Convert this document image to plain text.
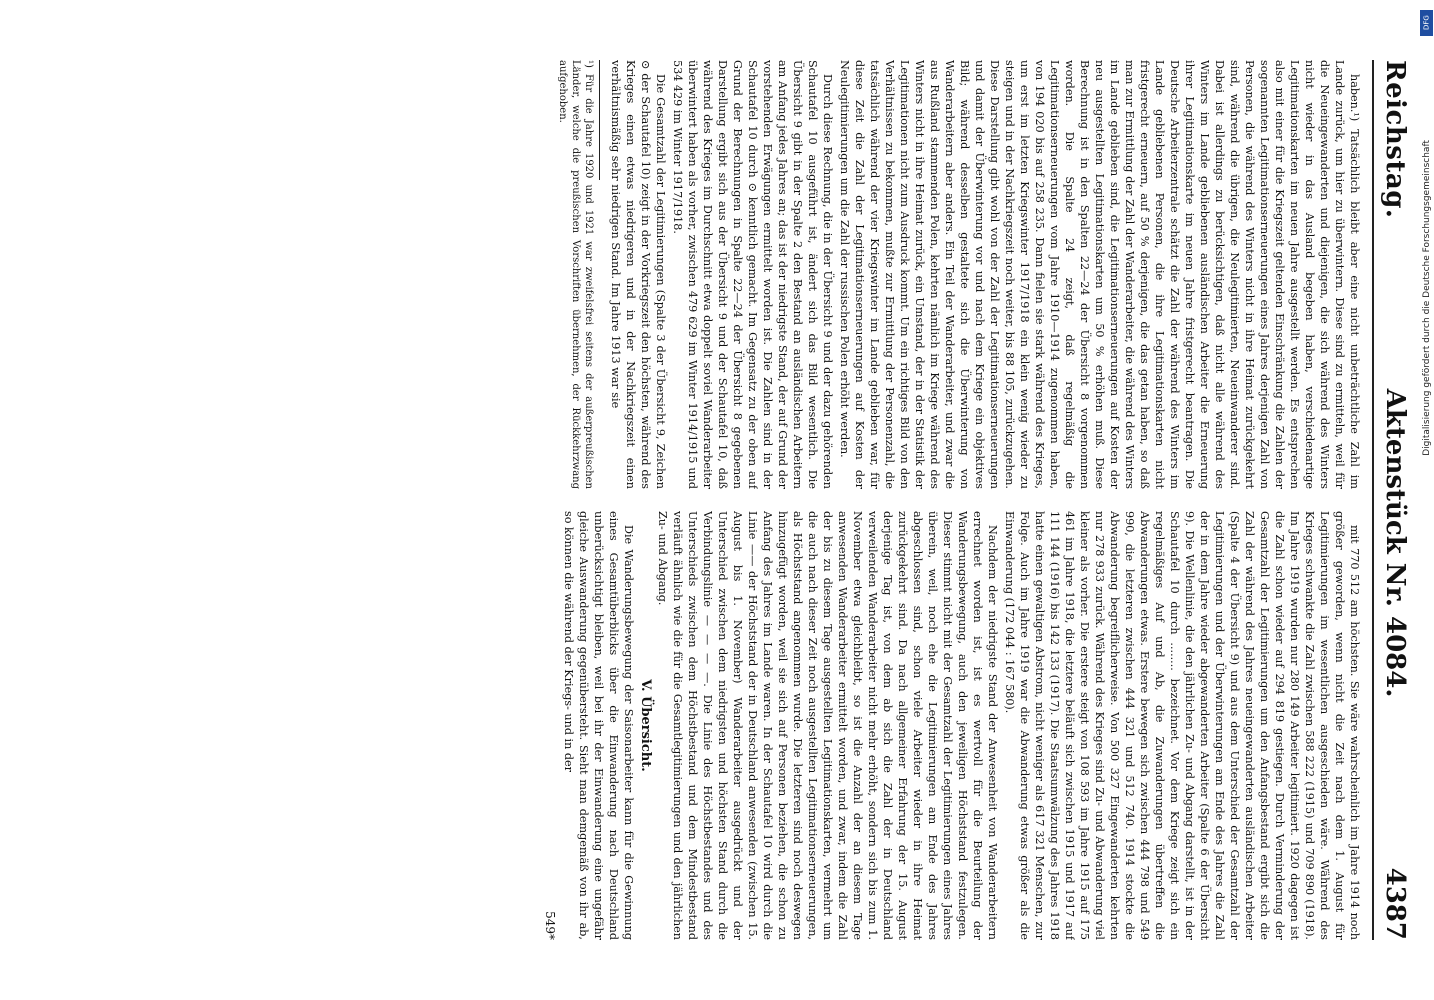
Reichstag.
Aktenstück Nr. 4084.
4387

haben.¹) Tatsächlich bleibt aber eine nicht unbeträchtliche Zahl im Lande zurück, um hier zu überwintern. Diese sind zu ermitteln, weil für die Neueingewanderten und diejenigen, die sich während des Winters nicht wieder in das Ausland begeben haben, verschiedenartige Legitimationskarten im neuen Jahre ausgestellt werden. Es entsprechen also mit einer für die Kriegszeit geltenden Einschränkung die Zahlen der sogenannten Legitimationserneuerungen eines Jahres derjenigen Zahl von Personen, die während des Winters nicht in ihre Heimat zurückgekehrt sind, während die übrigen, die Neulegitimierten, Neueinwanderer sind. Dabei ist allerdings zu berücksichtigen, daß nicht alle während des Winters im Lande gebliebenen ausländischen Arbeiter die Erneuerung ihrer Legitimationskarte im neuen Jahre fristgerecht beantragen. Die Deutsche Arbeiterzentrale schätzt die Zahl der während des Winters im Lande gebliebenen Personen, die ihre Legitimationskarten nicht fristgerecht erneuern, auf 50 % derjenigen, die das getan haben, so daß man zur Ermittlung der Zahl der Wanderarbeiter, die während des Winters im Lande geblieben sind, die Legitimationserneuerungen auf Kosten der neu ausgestellten Legitimationskarten um 50 % erhöhen muß. Diese Berechnung ist in den Spalten 22—24 der Übersicht 8 vorgenommen worden. Die Spalte 24 zeigt, daß regelmäßig die Legitimationserneuerungen vom Jahre 1910—1914 zugenommen haben, von 194 020 bis auf 258 235. Dann fielen sie stark während des Krieges, um erst im letzten Kriegswinter 1917/1918 ein klein wenig wieder zu steigen und in der Nachkriegszeit noch weiter, bis 88 105, zurückzugehen. Diese Darstellung gibt wohl von der Zahl der Legitimationserneuerungen und damit der Überwinterung vor und nach dem Kriege ein objektives Bild; während desselben gestaltete sich die Überwinterung von Wanderarbeitern aber anders. Ein Teil der Wanderarbeiter, und zwar die aus Rußland stammenden Polen, kehrten nämlich im Kriege während des Winters nicht in ihre Heimat zurück, ein Umstand, der in der Statistik der Legitimationen nicht zum Ausdruck kommt. Um ein richtiges Bild von den Verhältnissen zu bekommen, mußte zur Ermittlung der Personenzahl, die tatsächlich während der vier Kriegswinter im Lande geblieben war, für diese Zeit die Zahl der Legitimationserneuerungen auf Kosten der Neulegitimierungen um die Zahl der russischen Polen erhöht werden.

Durch diese Rechnung, die in der Übersicht 9 und der dazu gehörenden Schautafel 10 ausgeführt ist, ändert sich das Bild wesentlich. Die Übersicht 9 gibt in der Spalte 2 den Bestand an ausländischen Arbeitern am Anfang jedes Jahres an; das ist der niedrigste Stand, der auf Grund der vorstehenden Erwägungen ermittelt worden ist. Die Zahlen sind in der Schautafel 10 durch ⊙ kenntlich gemacht. Im Gegensatz zu der oben auf Grund der Berechnungen in Spalte 22—24 der Übersicht 8 gegebenen Darstellung ergibt sich aus der Übersicht 9 und der Schautafel 10, daß während des Krieges im Durchschnitt etwa doppelt soviel Wanderarbeiter überwintert haben als vorher, zwischen 479 629 im Winter 1914/1915 und 534 429 im Winter 1917/1918.

Die Gesamtzahl der Legitimierungen (Spalte 3 der Übersicht 9, Zeichen ⊙ der Schautafel 10) zeigt in der Vorkriegszeit den höchsten, während des Krieges einen etwas niedrigeren und in der Nachkriegszeit einen verhältnismäßig sehr niedrigen Stand. Im Jahre 1913 war sie

¹) Für die Jahre 1920 und 1921 war zweifelsfrei seitens der außerpreußischen Länder, welche die preußischen Vorschriften übernehmen, der Rückkehrzwang aufgehoben.

mit 770 512 am höchsten. Sie wäre wahrscheinlich im Jahre 1914 noch größer geworden, wenn nicht die Zeit nach dem 1. August für Legitimierungen im wesentlichen ausgeschieden wäre. Während des Krieges schwankte die Zahl zwischen 588 222 (1915) und 709 890 (1918). Im Jahre 1919 wurden nur 280 149 Arbeiter legitimiert. 1920 dagegen ist die Zahl schon wieder auf 294 819 gestiegen. Durch Verminderung der Gesamtzahl der Legitimierungen um den Anfangsbestand ergibt sich die Zahl der während des Jahres neueingewanderten ausländischen Arbeiter (Spalte 4 der Übersicht 9) und aus dem Unterschied der Gesamtzahl der Legitimierungen und der Überwinterungen am Ende des Jahres die Zahl der in dem Jahre wieder abgewanderten Arbeiter (Spalte 6 der Übersicht 9). Die Wellenlinie, die den jährlichen Zu- und Abgang darstellt, ist in der Schautafel 10 durch ........ bezeichnet. Vor dem Kriege zeigt sich ein regelmäßiges Auf und Ab, die Zuwanderungen übertreffen die Abwanderungen etwas. Erstere bewegen sich zwischen 444 798 und 549 990, die letzteren zwischen 444 321 und 512 740. 1914 stockte die Abwanderung begreiflicherweise. Von 500 327 Eingewanderten kehrten nur 278 933 zurück. Während des Krieges sind Zu- und Abwanderung viel kleiner als vorher. Die erstere steigt von 108 593 im Jahre 1915 auf 175 461 im Jahre 1918, die letztere beläuft sich zwischen 1915 und 1917 auf 111 144 (1916) bis 142 133 (1917). Die Staatsumwälzung des Jahres 1918 hatte einen gewaltigen Abstrom, nicht weniger als 617 321 Menschen, zur Folge. Auch im Jahre 1919 war die Abwanderung etwas größer als die Einwanderung (172 044 : 167 580).

Nachdem der niedrigste Stand der Anwesenheit von Wanderarbeitern errechnet worden ist, ist es wertvoll für die Beurteilung der Wanderungsbewegung, auch den jeweiligen Höchststand festzulegen. Dieser stimmt nicht mit der Gesamtzahl der Legitimierungen eines Jahres überein, weil, noch ehe die Legitimierungen am Ende des Jahres abgeschlossen sind, schon viele Arbeiter wieder in ihre Heimat zurückgekehrt sind. Da nach allgemeiner Erfahrung der 15. August derjenige Tag ist, von dem ab sich die Zahl der in Deutschland verweilenden Wanderarbeiter nicht mehr erhöht, sondern sich bis zum 1. November etwa gleichbleibt, so ist die Anzahl der an diesem Tage anwesenden Wanderarbeiter ermittelt worden, und zwar, indem die Zahl der bis zu diesem Tage ausgestellten Legitimationskarten, vermehrt um die auch nach dieser Zeit noch ausgestellten Legitimationserneuerungen, als Höchststand angenommen wurde. Die letzteren sind noch deswegen hinzugefügt worden, weil sie sich auf Personen beziehen, die schon zu Anfang des Jahres im Lande waren. In der Schautafel 10 wird durch die Linie —— der Höchststand der in Deutschland anwesenden (zwischen 15. August bis 1. November) Wanderarbeiter ausgedrückt und der Unterschied zwischen dem niedrigsten und höchsten Stand durch die Verbindungslinie — — — —. Die Linie des Höchstbestandes und des Unterschieds zwischen dem Höchstbestand und dem Mindestbestand verläuft ähnlich wie die für die Gesamtlegitimierungen und den jährlichen Zu- und Abgang.

V. Übersicht.

Die Wanderungsbewegung der Saisonarbeiter kann für die Gewinnung eines Gesamtüberblicks über die Einwanderung nach Deutschland unberücksichtigt bleiben, weil bei ihr der Einwanderung eine ungefähr gleiche Auswanderung gegenübersteht. Sieht man demgemäß von ihr ab, so können die während der Kriegs- und in der

549*
DFG
Digitalisierung gefördert durch die Deutsche Forschungsgemeinschaft
